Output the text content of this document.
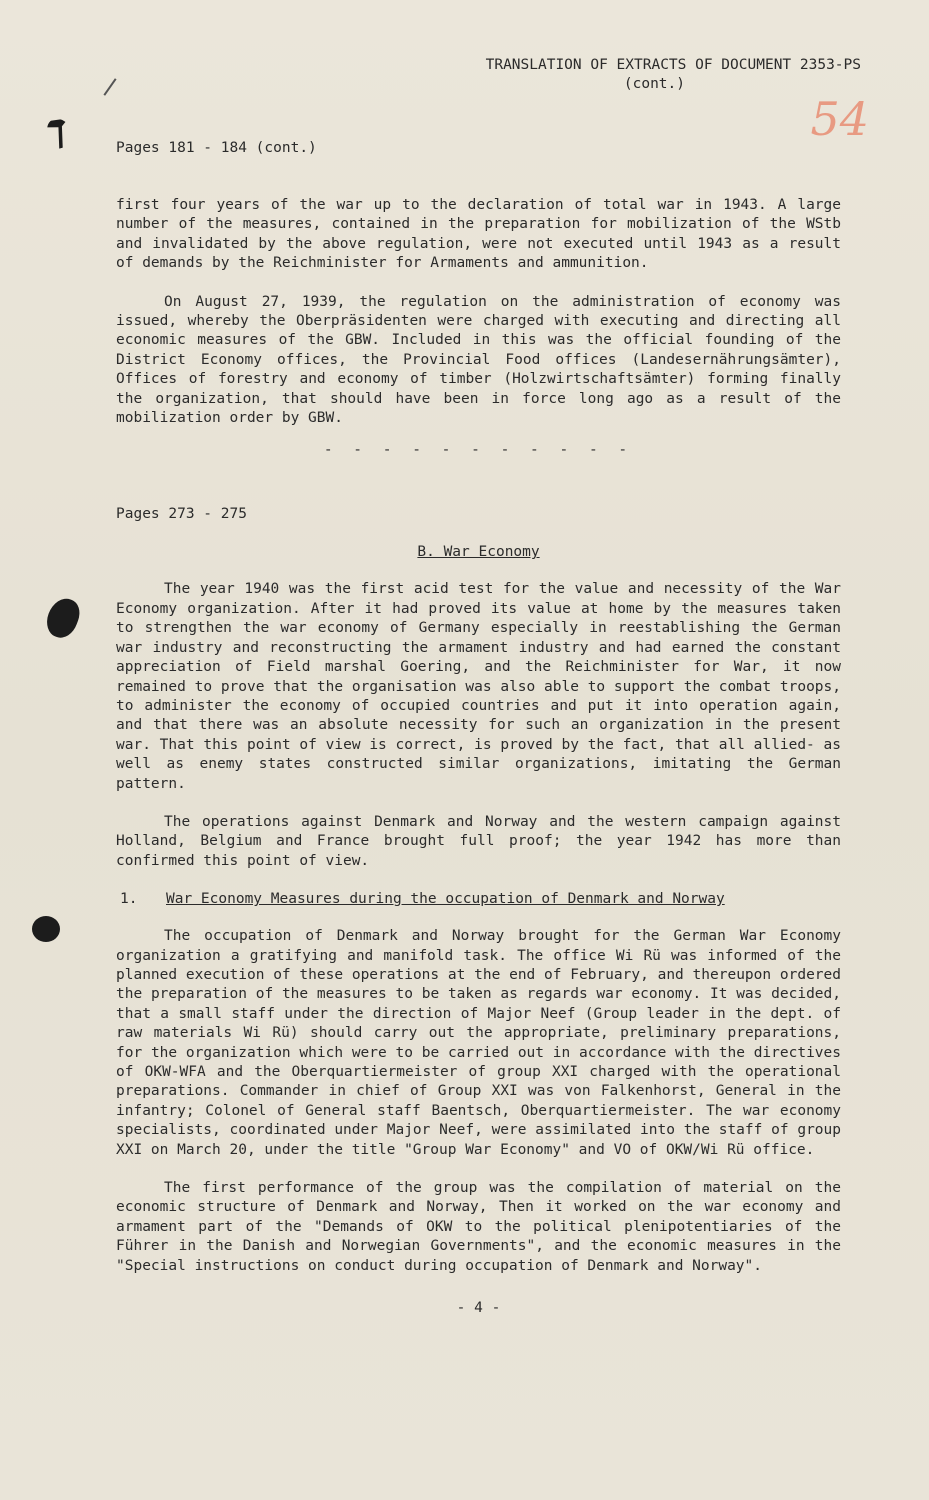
TRANSLATION OF EXTRACTS OF DOCUMENT 2353-PS
(cont.)
54
Pages 181 - 184 (cont.)

first four years of the war up to the declaration of total war in 1943. A large number of the measures, contained in the preparation for mobilization of the WStb and invalidated by the above regulation, were not executed until 1943 as a result of demands by the Reichminister for Armaments and ammunition.

On August 27, 1939, the regulation on the administration of economy was issued, whereby the Oberpräsidenten were charged with executing and directing all economic measures of the GBW. Included in this was the official founding of the District Economy offices, the Provincial Food offices (Landesernährungsämter), Offices of forestry and economy of timber (Holzwirtschaftsämter) forming finally the organization, that should have been in force long ago as a result of the mobilization order by GBW.

- - - - - - - - - - -
Pages 273 - 275
B. War Economy

The year 1940 was the first acid test for the value and necessity of the War Economy organization. After it had proved its value at home by the measures taken to strengthen the war economy of Germany especially in reestablishing the German war industry and reconstructing the armament industry and had earned the constant appreciation of Field marshal Goering, and the Reichminister for War, it now remained to prove that the organisation was also able to support the combat troops, to administer the economy of occupied countries and put it into operation again, and that there was an absolute necessity for such an organization in the present war. That this point of view is correct, is proved by the fact, that all allied- as well as enemy states constructed similar organizations, imitating the German pattern.

The operations against Denmark and Norway and the western campaign against Holland, Belgium and France brought full proof; the year 1942 has more than confirmed this point of view.

1. War Economy Measures during the occupation of Denmark and Norway

The occupation of Denmark and Norway brought for the German War Economy organization a gratifying and manifold task. The office Wi Rü was informed of the planned execution of these operations at the end of February, and thereupon ordered the preparation of the measures to be taken as regards war economy. It was decided, that a small staff under the direction of Major Neef (Group leader in the dept. of raw materials Wi Rü) should carry out the appropriate, preliminary preparations, for the organization which were to be carried out in accordance with the directives of OKW-WFA and the Oberquartiermeister of group XXI charged with the operational preparations. Commander in chief of Group XXI was von Falkenhorst, General in the infantry; Colonel of General staff Baentsch, Oberquartiermeister. The war economy specialists, coordinated under Major Neef, were assimilated into the staff of group XXI on March 20, under the title "Group War Economy" and VO of OKW/Wi Rü office.

The first performance of the group was the compilation of material on the economic structure of Denmark and Norway, Then it worked on the war economy and armament part of the "Demands of OKW to the political plenipotentiaries of the Führer in the Danish and Norwegian Governments", and the economic measures in the "Special instructions on conduct during occupation of Denmark and Norway".

- 4 -
